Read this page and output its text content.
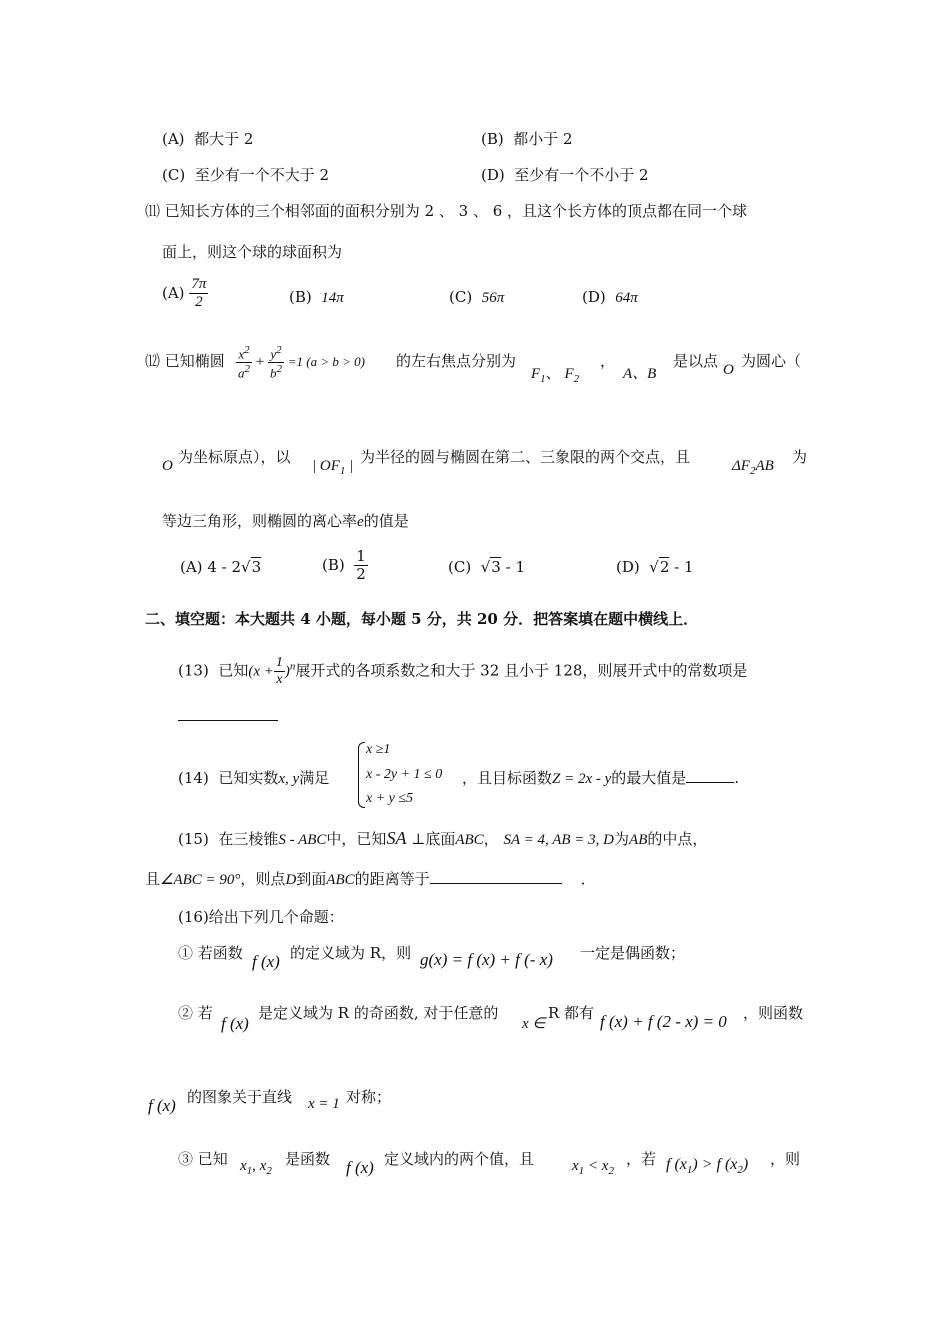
(A) 都大于 2	(B) 都小于 2
(C) 至少有一个不大于 2	(D) 至少有一个不小于 2
⑾ 已知长方体的三个相邻面的面积分别为 2 、 3 、 6 ，且这个长方体的顶点都在同一个球
面上，则这个球的球面积为
$(A) \frac{7\pi}{2}$	(B) 14π	(C) 56π	(D) 64π
⑿ 已知椭圆 $\frac{x^2}{a^2} + \frac{y^2}{b^2} =1$ (a > b > 0) 的左右焦点分别为
$F_1$、 $F_2$
，
A、B
是以点 O 为圆心（
O 为坐标原点），以 | $OF_1$ | 为半径的圆与椭圆在第二、三象限的两个交点，且	$\Delta F_2AB$ 为
等边三角形，则椭圆的离心率e的值是
(A) 4 - 2√3	$(B) \frac{1}{2}$	(C) √3 - 1	(D) √2 - 1
二、填空题：本大题共 4 小题，每小题 5 分，共 20 分．把答案填在题中横线上．
(13) 已知$(x + \frac{1}{x} )^n$展开式的各项系数之和大于 32 且小于 128，则展开式中的常数项是
(14) 已知实数x, y满足
x ≥1
x - 2y + 1 ≤ 0
x + y ≤5
，且目标函数Z = 2x - y的最大值是	.
(15) 在三棱锥S - ABC中，已知SA ⊥底面ABC， SA = 4, AB = 3, D为AB的中点，
且∠ABC = 90°，则点D到面ABC的距离等于	．
(16)给出下列几个命题：
① 若函数 f (x) 的定义域为 R，则 g(x) = f (x) + f (- x) 一定是偶函数；
② 若
f (x)
是定义域为 R 的奇函数, 对于任意的
x ∈
R 都有 f (x) + f (2 - x) = 0 ，则函数
f (x) 的图象关于直线 x = 1 对称；
③ 已知 $x_1$, $x_2$
是函数 f (x) 定义域内的两个值，且	$x_1 < x_2$
，若 f $(x_1) > f$ $(x_2)$ ，则
